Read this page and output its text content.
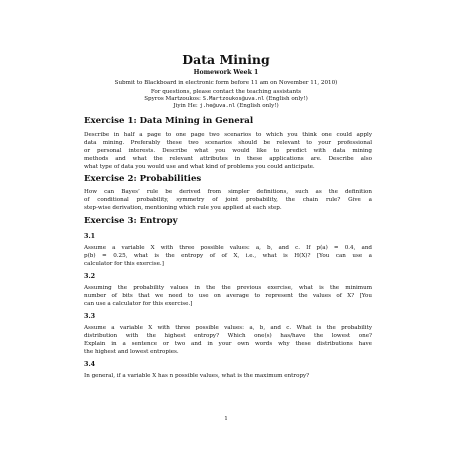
Data Mining
Homework Week 1
Submit to Blackboard in electronic form before 11 am on November 11, 2010)
For questions, please contact the teaching assistants
Spyros Martzoukos: S.Martzoukos@uva.nl (English only!)
Jiyin He: j.he@uva.nl (English only!)
Exercise 1: Data Mining in General
Describe in half a page to one page two scenarios to which you think one could apply
data mining. Preferably these two scenarios should be relevant to your professional
or personal interests. Describe what you would like to predict with data mining
methods and what the relevant attributes in these applications are. Describe also
what type of data you would use and what kind of problems you could anticipate.
Exercise 2: Probabilities
How can Bayes’ rule be derived from simpler definitions, such as the definition
of conditional probability, symmetry of joint probability, the chain rule? Give a
step-wise derivation, mentioning which rule you applied at each step.
Exercise 3: Entropy
3.1
Assume a variable X with three possible values: a, b, and c. If p(a) = 0.4, and
p(b) = 0.25, what is the entropy of of X, i.e., what is H(X)? [You can use a
calculator for this exercise.]
3.2
Assuming the probability values in the the previous exercise, what is the minimum
number of bits that we need to use on average to represent the values of X? [You
can use a calculator for this exercise.]
3.3
Assume a variable X with three possible values: a, b, and c. What is the probability
distribution with the highest entropy? Which one(s) has/have the lowest one?
Explain in a sentence or two and in your own words why these distributions have
the highest and lowest entropies.
3.4
In general, if a variable X has n possible values, what is the maximum entropy?
1
